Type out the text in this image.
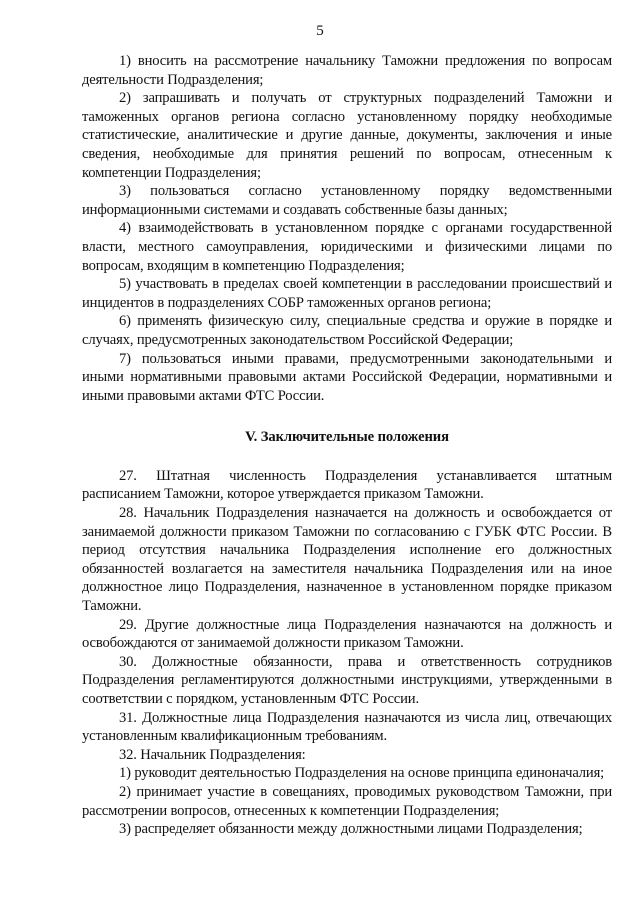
5

1) вносить на рассмотрение начальнику Таможни предложения по вопросам деятельности Подразделения;

2) запрашивать и получать от структурных подразделений Таможни и таможенных органов региона согласно установленному порядку необходимые статистические, аналитические и другие данные, документы, заключения и иные сведения, необходимые для принятия решений по вопросам, отнесенным к компетенции Подразделения;

3) пользоваться согласно установленному порядку ведомственными информационными системами и создавать собственные базы данных;

4) взаимодействовать в установленном порядке с органами государственной власти, местного самоуправления, юридическими и физическими лицами по вопросам, входящим в компетенцию Подразделения;

5) участвовать в пределах своей компетенции в расследовании происшествий и инцидентов в подразделениях СОБР таможенных органов региона;

6) применять физическую силу, специальные средства и оружие в порядке и случаях, предусмотренных законодательством Российской Федерации;

7) пользоваться иными правами, предусмотренными законодательными и иными нормативными правовыми актами Российской Федерации, нормативными и иными правовыми актами ФТС России.

V. Заключительные положения

27. Штатная численность Подразделения устанавливается штатным расписанием Таможни, которое утверждается приказом Таможни.

28. Начальник Подразделения назначается на должность и освобождается от занимаемой должности приказом Таможни по согласованию с ГУБК ФТС России. В период отсутствия начальника Подразделения исполнение его должностных обязанностей возлагается на заместителя начальника Подразделения или на иное должностное лицо Подразделения, назначенное в установленном порядке приказом Таможни.

29. Другие должностные лица Подразделения назначаются на должность и освобождаются от занимаемой должности приказом Таможни.

30. Должностные обязанности, права и ответственность сотрудников Подразделения регламентируются должностными инструкциями, утвержденными в соответствии с порядком, установленным ФТС России.

31. Должностные лица Подразделения назначаются из числа лиц, отвечающих установленным квалификационным требованиям.

32. Начальник Подразделения:

1) руководит деятельностью Подразделения на основе принципа единоначалия;

2) принимает участие в совещаниях, проводимых руководством Таможни, при рассмотрении вопросов, отнесенных к компетенции Подразделения;

3) распределяет обязанности между должностными лицами Подразделения;
